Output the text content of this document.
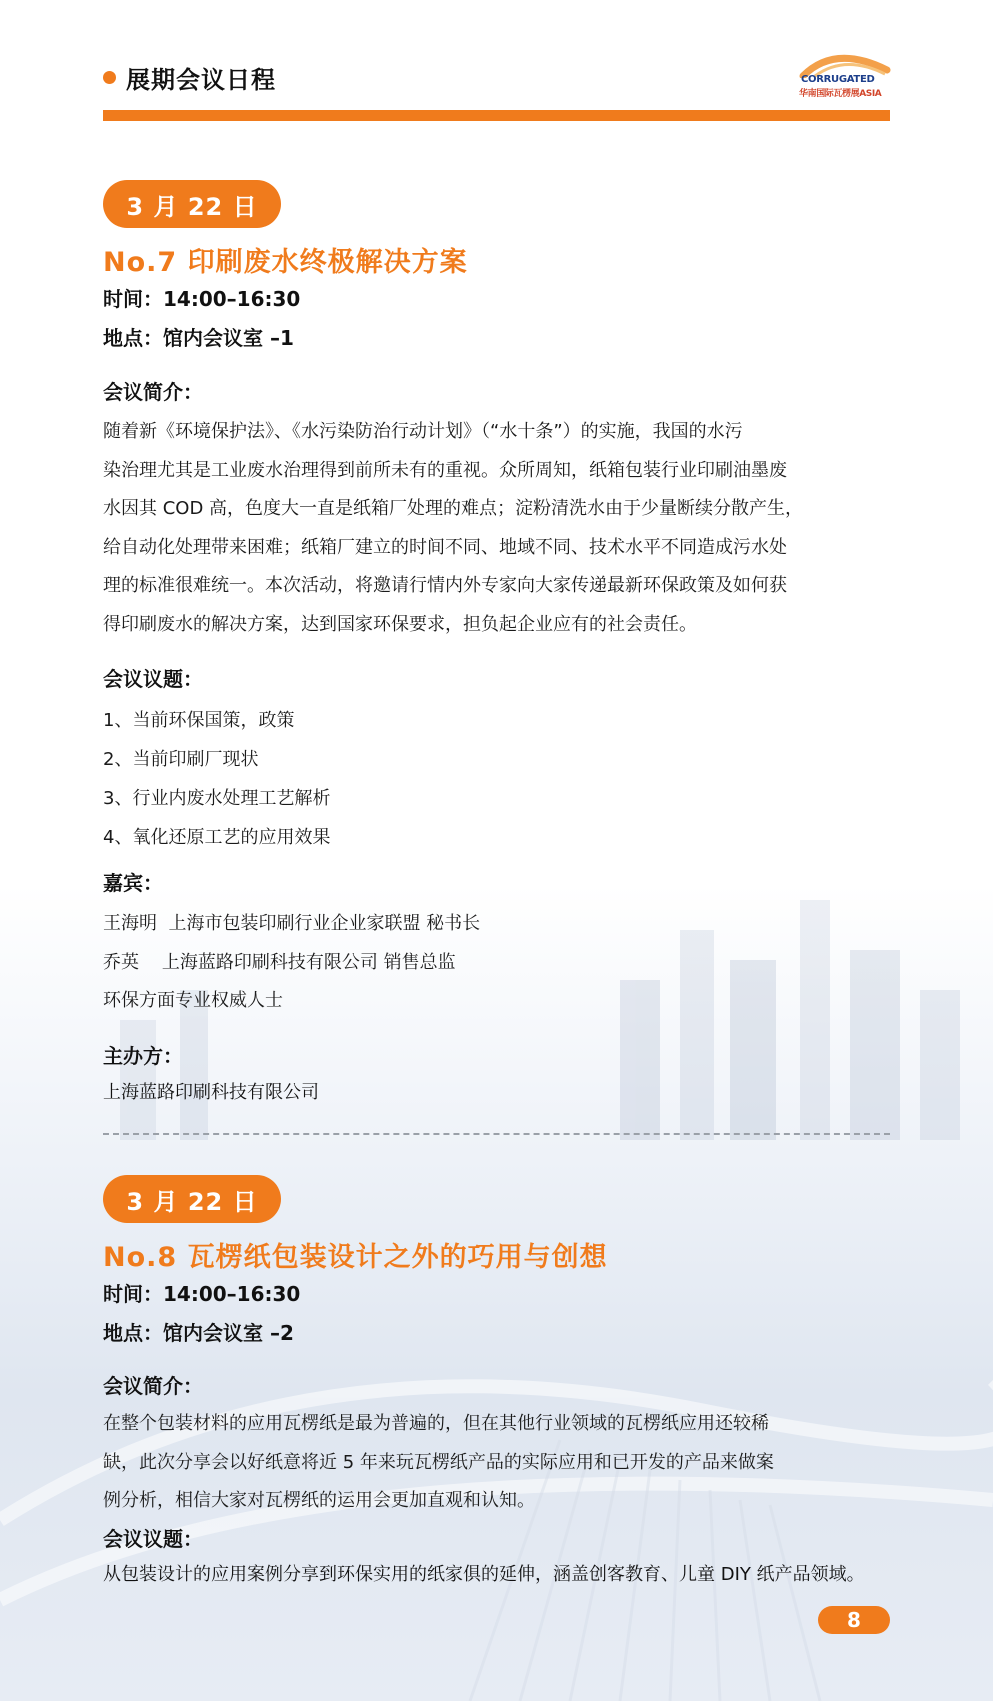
展期会议日程	CORRUGATED
华南国际瓦楞展ASIA
3 月 22 日
No.7 印刷废水终极解决方案
时间：14:00–16:30
地点：馆内会议室 –1
会议简介：
随着新《环境保护法》、《水污染防治行动计划》（“水十条”）的实施，我国的水污
染治理尤其是工业废水治理得到前所未有的重视。众所周知，纸箱包装行业印刷油墨废
水因其 COD 高，色度大一直是纸箱厂处理的难点；淀粉清洗水由于少量断续分散产生，
给自动化处理带来困难；纸箱厂建立的时间不同、地域不同、技术水平不同造成污水处
理的标准很难统一。本次活动，将邀请行情内外专家向大家传递最新环保政策及如何获
得印刷废水的解决方案，达到国家环保要求，担负起企业应有的社会责任。
会议议题：
1、当前环保国策，政策
2、当前印刷厂现状
3、行业内废水处理工艺解析
4、氧化还原工艺的应用效果
嘉宾：
王海明  上海市包装印刷行业企业家联盟 秘书长
乔英    上海蓝路印刷科技有限公司 销售总监
环保方面专业权威人士
主办方：
上海蓝路印刷科技有限公司
3 月 22 日
No.8 瓦楞纸包装设计之外的巧用与创想
时间：14:00–16:30
地点：馆内会议室 –2
会议简介：
在整个包装材料的应用瓦楞纸是最为普遍的，但在其他行业领域的瓦楞纸应用还较稀
缺，此次分享会以好纸意将近 5 年来玩瓦楞纸产品的实际应用和已开发的产品来做案
例分析，相信大家对瓦楞纸的运用会更加直观和认知。
会议议题：
从包装设计的应用案例分享到环保实用的纸家俱的延伸，涵盖创客教育、儿童 DIY 纸产品领域。
8
